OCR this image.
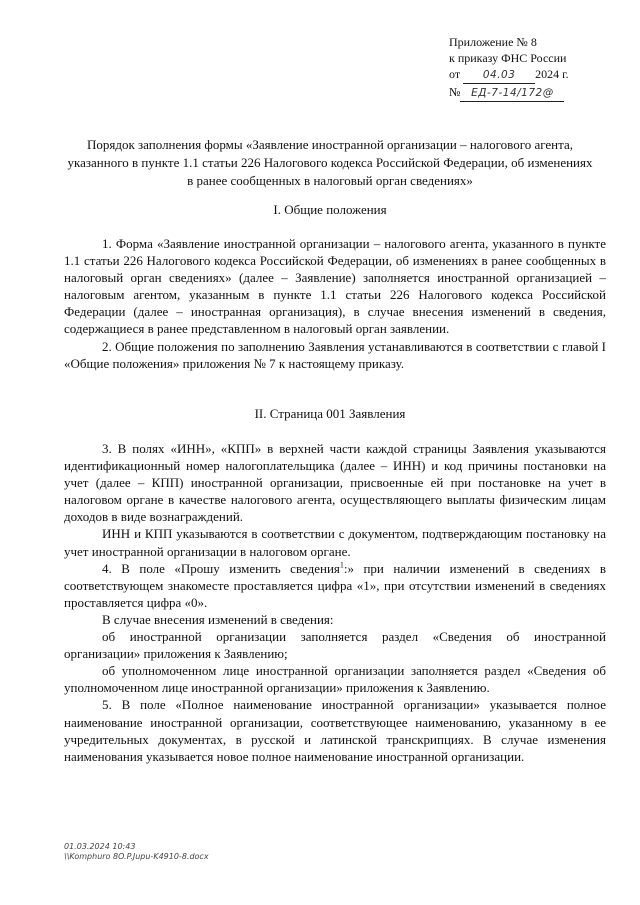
Приложение № 8
к приказу ФНС России
от 04.03 2024 г.
№ ЕД-7-14/172@
Порядок заполнения формы «Заявление иностранной организации – налогового агента, указанного в пункте 1.1 статьи 226 Налогового кодекса Российской Федерации, об изменениях в ранее сообщенных в налоговый орган сведениях»
I. Общие положения

1. Форма «Заявление иностранной организации – налогового агента, указанного в пункте 1.1 статьи 226 Налогового кодекса Российской Федерации, об изменениях в ранее сообщенных в налоговый орган сведениях» (далее – Заявление) заполняется иностранной организацией – налоговым агентом, указанным в пункте 1.1 статьи 226 Налогового кодекса Российской Федерации (далее – иностранная организация), в случае внесения изменений в сведения, содержащиеся в ранее представленном в налоговый орган заявлении.

2. Общие положения по заполнению Заявления устанавливаются в соответствии с главой I «Общие положения» приложения № 7 к настоящему приказу.

II. Страница 001 Заявления

3. В полях «ИНН», «КПП» в верхней части каждой страницы Заявления указываются идентификационный номер налогоплательщика (далее – ИНН) и код причины постановки на учет (далее – КПП) иностранной организации, присвоенные ей при постановке на учет в налоговом органе в качестве налогового агента, осуществляющего выплаты физическим лицам доходов в виде вознаграждений.

ИНН и КПП указываются в соответствии с документом, подтверждающим постановку на учет иностранной организации в налоговом органе.

4. В поле «Прошу изменить сведения$^1$:» при наличии изменений в сведениях в соответствующем знакоместе проставляется цифра «1», при отсутствии изменений в сведениях проставляется цифра «0».

В случае внесения изменений в сведения:

об иностранной организации заполняется раздел «Сведения об иностранной организации» приложения к Заявлению;

об уполномоченном лице иностранной организации заполняется раздел «Сведения об уполномоченном лице иностранной организации» приложения к Заявлению.

5. В поле «Полное наименование иностранной организации» указывается полное наименование иностранной организации, соответствующее наименованию, указанному в ее учредительных документах, в русской и латинской транскрипциях. В случае изменения наименования указывается новое полное наименование иностранной организации.

01.03.2024 10:43
\\Komphuro 8O.P.Jupu-K4910-8.docx
